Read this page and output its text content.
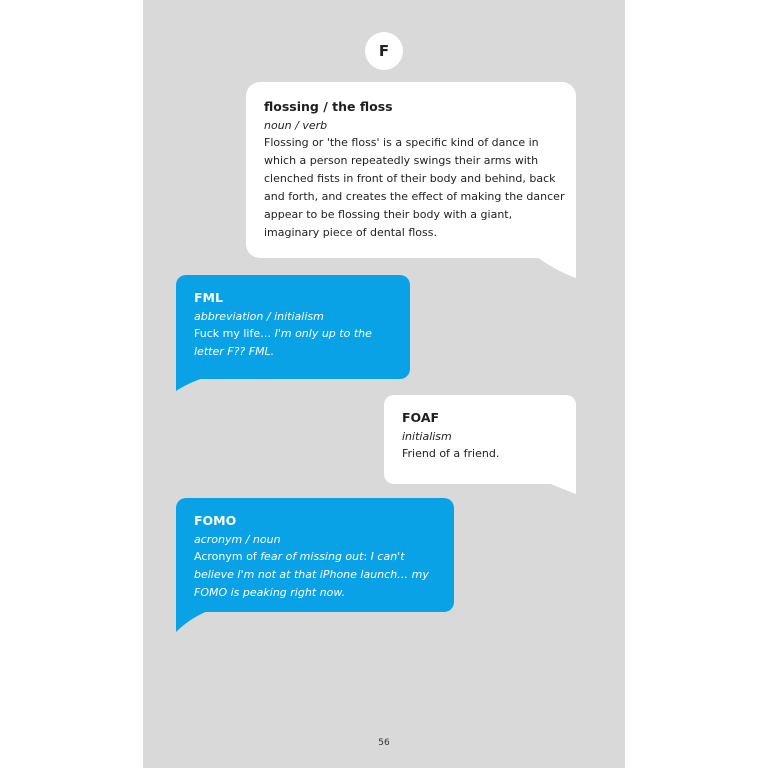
F
flossing / the floss
noun / verb
Flossing or 'the floss' is a specific kind of dance in which a person repeatedly swings their arms with clenched fists in front of their body and behind, back and forth, and creates the effect of making the dancer appear to be flossing their body with a giant, imaginary piece of dental floss.
FML
abbreviation / initialism
Fuck my life… I'm only up to the letter F?? FML.
FOAF
initialism
Friend of a friend.
FOMO
acronym / noun
Acronym of fear of missing out: I can't believe I'm not at that iPhone launch… my FOMO is peaking right now.
56
